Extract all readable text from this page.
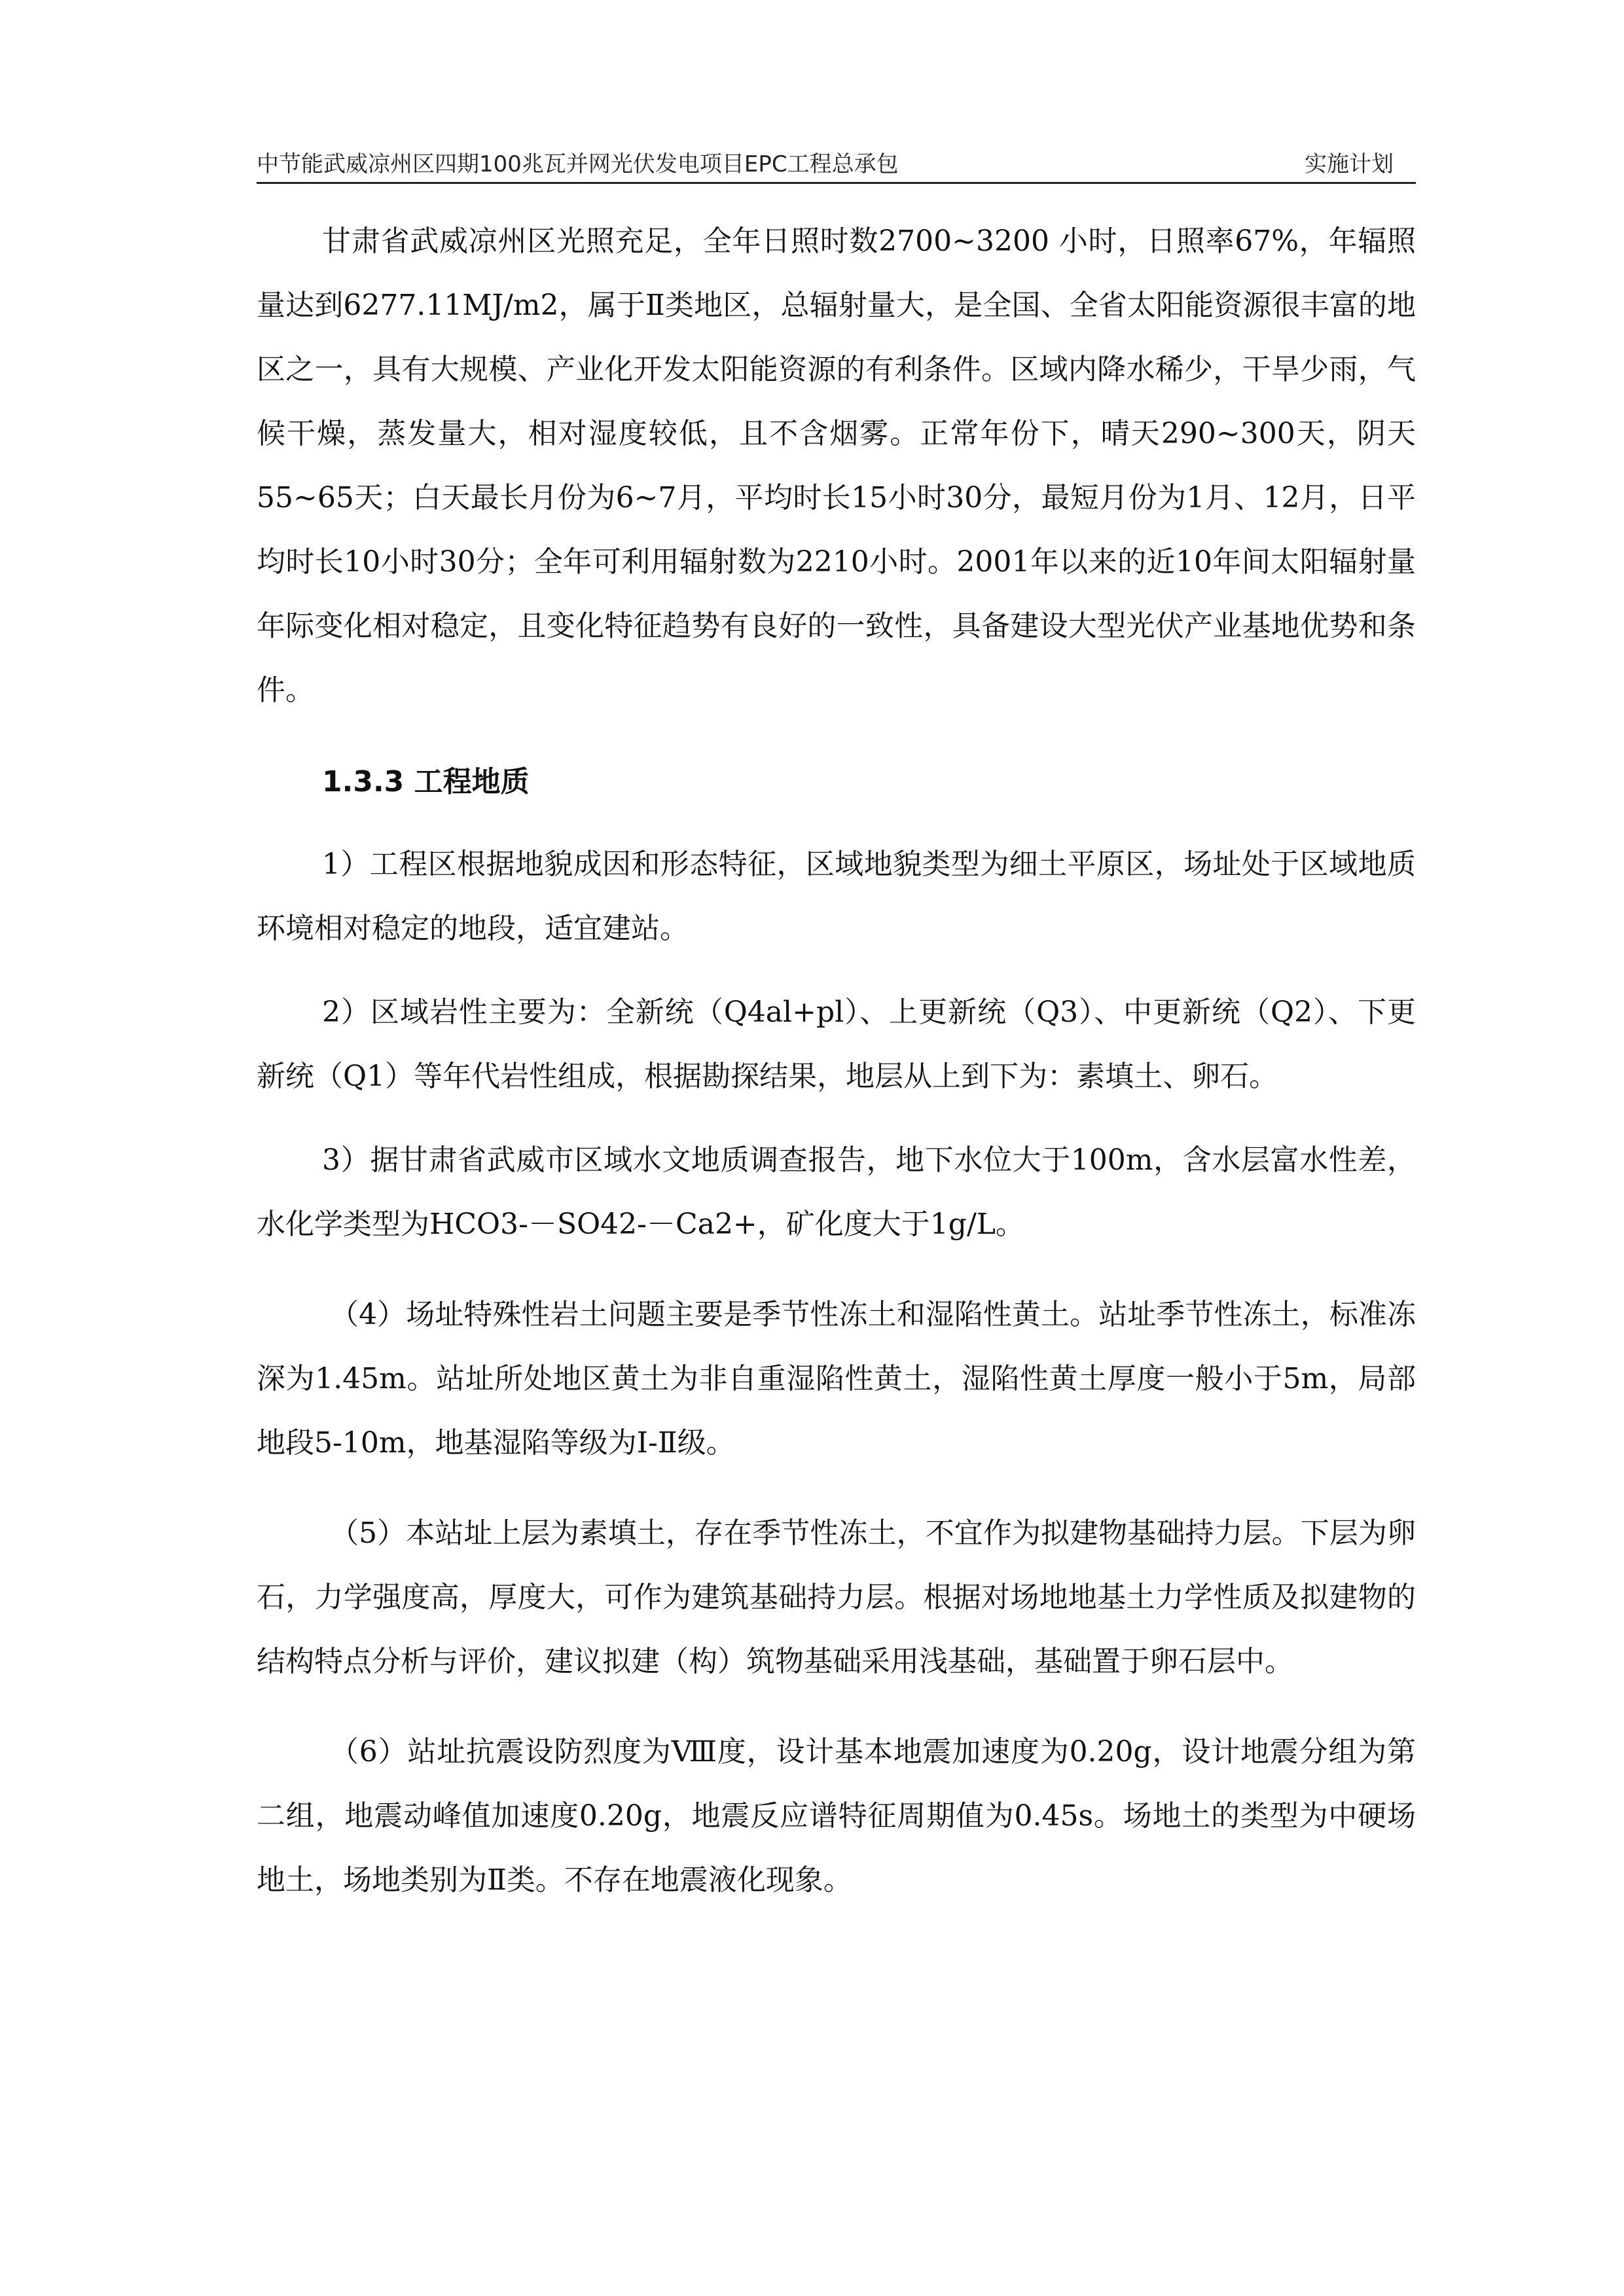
中节能武威凉州区四期100兆瓦并网光伏发电项目EPC工程总承包	实施计划

甘肃省武威凉州区光照充足，全年日照时数2700~3200 小时，日照率67%，年辐照量达到6277.11MJ/m2，属于Ⅱ类地区，总辐射量大，是全国、全省太阳能资源很丰富的地区之一，具有大规模、产业化开发太阳能资源的有利条件。区域内降水稀少，干旱少雨，气候干燥，蒸发量大，相对湿度较低，且不含烟雾。正常年份下，晴天290~300天，阴天55~65天；白天最长月份为6~7月，平均时长15小时30分，最短月份为1月、12月，日平均时长10小时30分；全年可利用辐射数为2210小时。2001年以来的近10年间太阳辐射量年际变化相对稳定，且变化特征趋势有良好的一致性，具备建设大型光伏产业基地优势和条件。

1.3.3 工程地质

1）工程区根据地貌成因和形态特征，区域地貌类型为细土平原区，场址处于区域地质环境相对稳定的地段，适宜建站。

2）区域岩性主要为：全新统（Q4al+pl）、上更新统（Q3）、中更新统（Q2）、下更新统（Q1）等年代岩性组成，根据勘探结果，地层从上到下为：素填土、卵石。

3）据甘肃省武威市区域水文地质调查报告，地下水位大于100m，含水层富水性差，水化学类型为HCO3-－SO42-－Ca2+，矿化度大于1g/L。

（4）场址特殊性岩土问题主要是季节性冻土和湿陷性黄土。站址季节性冻土，标准冻深为1.45m。站址所处地区黄土为非自重湿陷性黄土，湿陷性黄土厚度一般小于5m，局部地段5-10m，地基湿陷等级为Ⅰ-Ⅱ级。

（5）本站址上层为素填土，存在季节性冻土，不宜作为拟建物基础持力层。下层为卵石，力学强度高，厚度大，可作为建筑基础持力层。根据对场地地基土力学性质及拟建物的结构特点分析与评价，建议拟建（构）筑物基础采用浅基础，基础置于卵石层中。

（6）站址抗震设防烈度为Ⅷ度，设计基本地震加速度为0.20g，设计地震分组为第二组，地震动峰值加速度0.20g，地震反应谱特征周期值为0.45s。场地土的类型为中硬场地土，场地类别为Ⅱ类。不存在地震液化现象。
